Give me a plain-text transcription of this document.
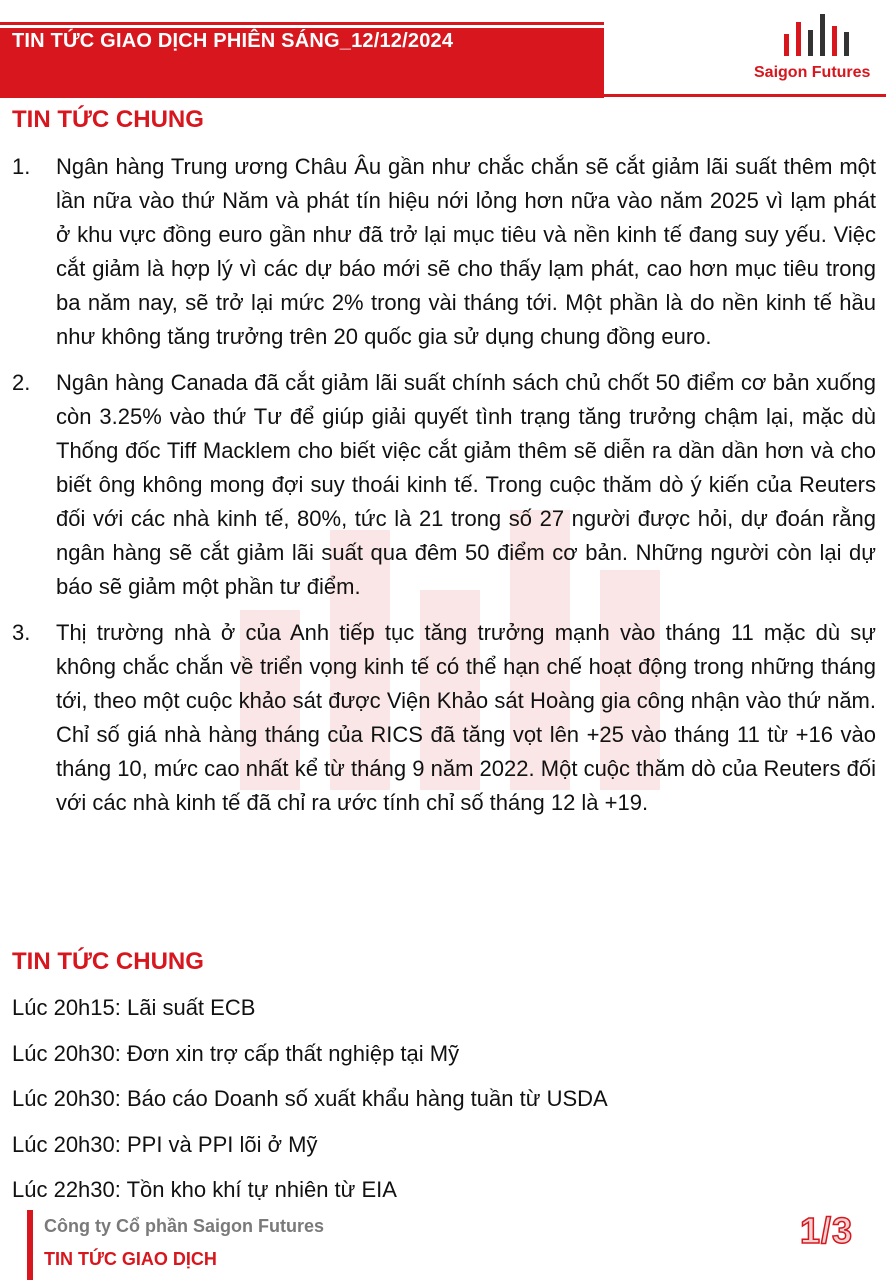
TIN TỨC GIAO DỊCH PHIÊN SÁNG_12/12/2024
Saigon Futures
TIN TỨC CHUNG
1. Ngân hàng Trung ương Châu Âu gần như chắc chắn sẽ cắt giảm lãi suất thêm một lần nữa vào thứ Năm và phát tín hiệu nới lỏng hơn nữa vào năm 2025 vì lạm phát ở khu vực đồng euro gần như đã trở lại mục tiêu và nền kinh tế đang suy yếu. Việc cắt giảm là hợp lý vì các dự báo mới sẽ cho thấy lạm phát, cao hơn mục tiêu trong ba năm nay, sẽ trở lại mức 2% trong vài tháng tới. Một phần là do nền kinh tế hầu như không tăng trưởng trên 20 quốc gia sử dụng chung đồng euro.
2. Ngân hàng Canada đã cắt giảm lãi suất chính sách chủ chốt 50 điểm cơ bản xuống còn 3.25% vào thứ Tư để giúp giải quyết tình trạng tăng trưởng chậm lại, mặc dù Thống đốc Tiff Macklem cho biết việc cắt giảm thêm sẽ diễn ra dần dần hơn và cho biết ông không mong đợi suy thoái kinh tế. Trong cuộc thăm dò ý kiến của Reuters đối với các nhà kinh tế, 80%, tức là 21 trong số 27 người được hỏi, dự đoán rằng ngân hàng sẽ cắt giảm lãi suất qua đêm 50 điểm cơ bản. Những người còn lại dự báo sẽ giảm một phần tư điểm.
3. Thị trường nhà ở của Anh tiếp tục tăng trưởng mạnh vào tháng 11 mặc dù sự không chắc chắn về triển vọng kinh tế có thể hạn chế hoạt động trong những tháng tới, theo một cuộc khảo sát được Viện Khảo sát Hoàng gia công nhận vào thứ năm. Chỉ số giá nhà hàng tháng của RICS đã tăng vọt lên +25 vào tháng 11 từ +16 vào tháng 10, mức cao nhất kể từ tháng 9 năm 2022. Một cuộc thăm dò của Reuters đối với các nhà kinh tế đã chỉ ra ước tính chỉ số tháng 12 là +19.
TIN TỨC CHUNG
Lúc 20h15: Lãi suất ECB
Lúc 20h30: Đơn xin trợ cấp thất nghiệp tại Mỹ
Lúc 20h30: Báo cáo Doanh số xuất khẩu hàng tuần từ USDA
Lúc 20h30: PPI và PPI lõi ở Mỹ
Lúc 22h30: Tồn kho khí tự nhiên từ EIA
Công ty Cổ phần Saigon Futures
TIN TỨC GIAO DỊCH
1/3
